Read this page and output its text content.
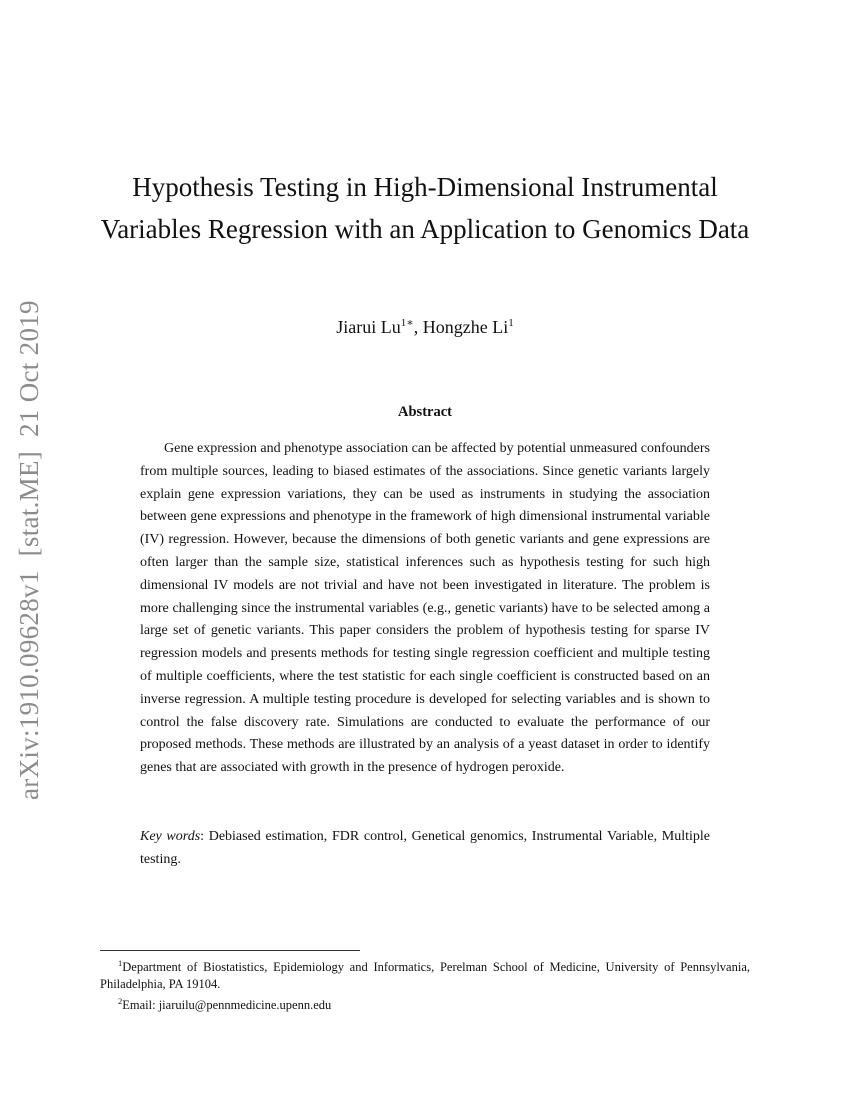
arXiv:1910.09628v1[stat.ME]21 Oct 2019
Hypothesis Testing in High-Dimensional Instrumental Variables Regression with an Application to Genomics Data
Jiarui $Lu^{1∗}$, Hongzhe Li$^1$
Abstract

Gene expression and phenotype association can be affected by potential unmeasured confounders from multiple sources, leading to biased estimates of the associations. Since genetic variants largely explain gene expression variations, they can be used as instruments in studying the association between gene expressions and phenotype in the framework of high dimensional instrumental variable (IV) regression. However, because the dimensions of both genetic variants and gene expressions are often larger than the sample size, statistical inferences such as hypothesis testing for such high dimensional IV models are not trivial and have not been investigated in literature. The problem is more challenging since the instrumental variables (e.g., genetic variants) have to be selected among a large set of genetic variants. This paper considers the problem of hypothesis testing for sparse IV regression models and presents methods for testing single regression coefficient and multiple testing of multiple coefficients, where the test statistic for each single coefficient is constructed based on an inverse regression. A multiple testing procedure is developed for selecting variables and is shown to control the false discovery rate. Simulations are conducted to evaluate the performance of our proposed methods. These methods are illustrated by an analysis of a yeast dataset in order to identify genes that are associated with growth in the presence of hydrogen peroxide.

Key words: Debiased estimation, FDR control, Genetical genomics, Instrumental Variable, Multiple testing.

$^1$Department of Biostatistics, Epidemiology and Informatics, Perelman School of Medicine, University of Pennsylvania, Philadelphia, PA 19104.

$^2$Email: jiaruilu@pennmedicine.upenn.edu
